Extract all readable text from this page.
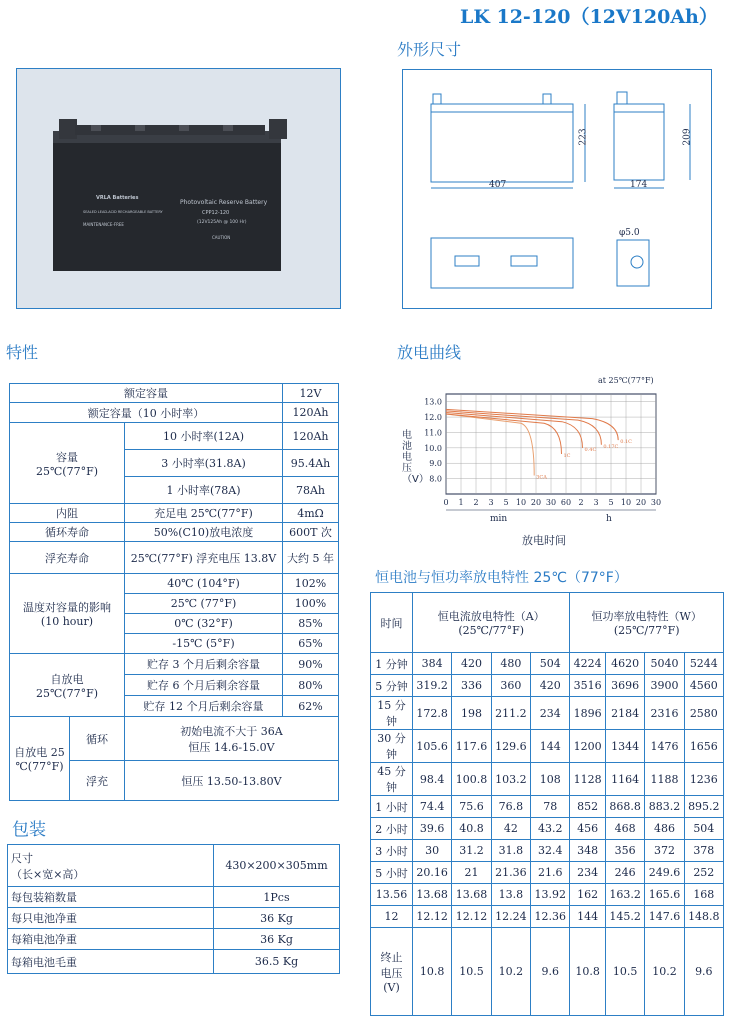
LK 12-120（12V120Ah）
外形尺寸
特性	放电曲线
恒电池与恒功率放电特性 25℃（77°F）
包装
VRLA Batteries
Photovoltaic Reserve Battery
CPP12-120
(12V125Ah @ 100 Hr)
SEALED LEAD-ACID RECHARGEABLE BATTERY
MAINTENANCE-FREE
CAUTION
407
223
174
209
φ5.0
0 1 2 3 5 10 20 30 60 2 3 5 10 20 30
13.0
12.0
11.0
10.0
9.0
8.0	3CA
1C
0.4C
0.17C
0.1C
at 25℃(77°F)
电池电压（V）
放电时间
min	h
额定容量		12V
额定容量（10 小时率）		120Ah
容量
25℃(77°F)	10 小时率(12A)	120Ah
	3 小时率(31.8A)	95.4Ah
	1 小时率(78A)	78Ah
内阻	充足电 25℃(77°F)	4mΩ
循环寿命	50%(C10)放电浓度	600T 次
浮充寿命	25℃(77°F) 浮充电压 13.8V	大约 5 年
温度对容量的影响
(10 hour)	40℃ (104°F)	102%
	25℃ (77°F)	100%
	0℃ (32°F)	85%
	-15℃ (5°F)	65%
自放电
25℃(77°F)	贮存 3 个月后剩余容量	90%
	贮存 6 个月后剩余容量	80%
	贮存 12 个月后剩余容量	62%
自放电 25
℃(77°F)	循环	初始电流不大于 36A
恒压 14.6-15.0V
	浮充	恒压 13.50-13.80V
尺寸
（长×宽×高）	430×200×305mm
每包装箱数量	1Pcs
每只电池净重	36 Kg
每箱电池净重	36 Kg
每箱电池毛重	36.5 Kg
时间	恒电流放电特性（A）
(25℃/77°F)				恒功率放电特性（W）
(25℃/77°F)			
1 分钟	384	420	480	504	4224	4620	5040	5244
5 分钟	319.2	336	360	420	3516	3696	3900	4560
15 分钟	172.8	198	211.2	234	1896	2184	2316	2580
30 分钟	105.6	117.6	129.6	144	1200	1344	1476	1656
45 分钟	98.4	100.8	103.2	108	1128	1164	1188	1236
1 小时	74.4	75.6	76.8	78	852	868.8	883.2	895.2
2 小时	39.6	40.8	42	43.2	456	468	486	504
3 小时	30	31.2	31.8	32.4	348	356	372	378
5 小时	20.16	21	21.36	21.6	234	246	249.6	252
13.56	13.68	13.68	13.8	13.92	162	163.2	165.6	168
12	12.12	12.12	12.24	12.36	144	145.2	147.6	148.8
终止
电压
(V)	10.8	10.5	10.2	9.6	10.8	10.5	10.2	9.6
